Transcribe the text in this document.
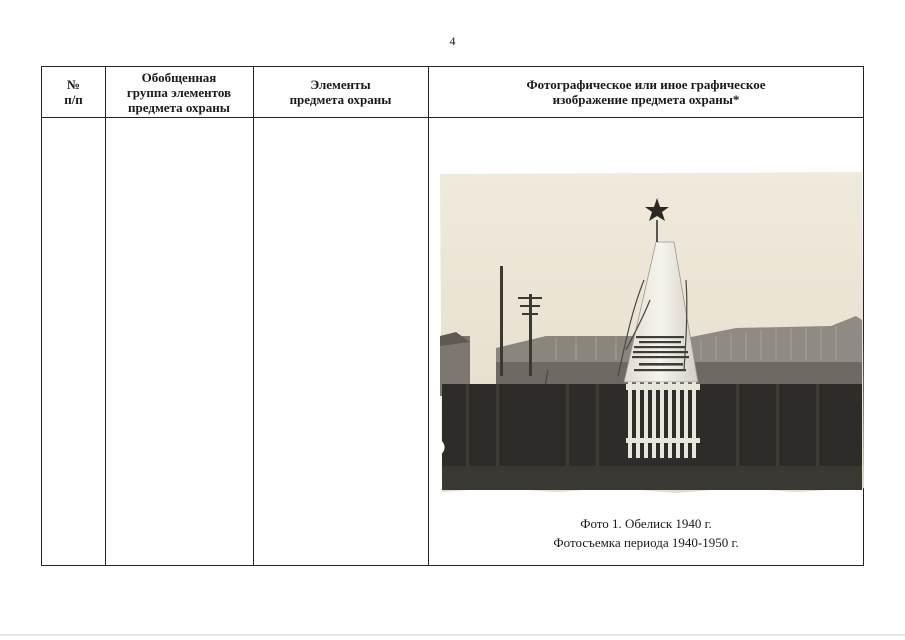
4
№
п/п
Обобщенная
группа элементов
предмета охраны
Элементы
предмета охраны
Фотографическое или иное графическое
изображение предмета охраны*
Фото 1. Обелиск 1940 г.
Фотосъемка периода 1940-1950 г.
